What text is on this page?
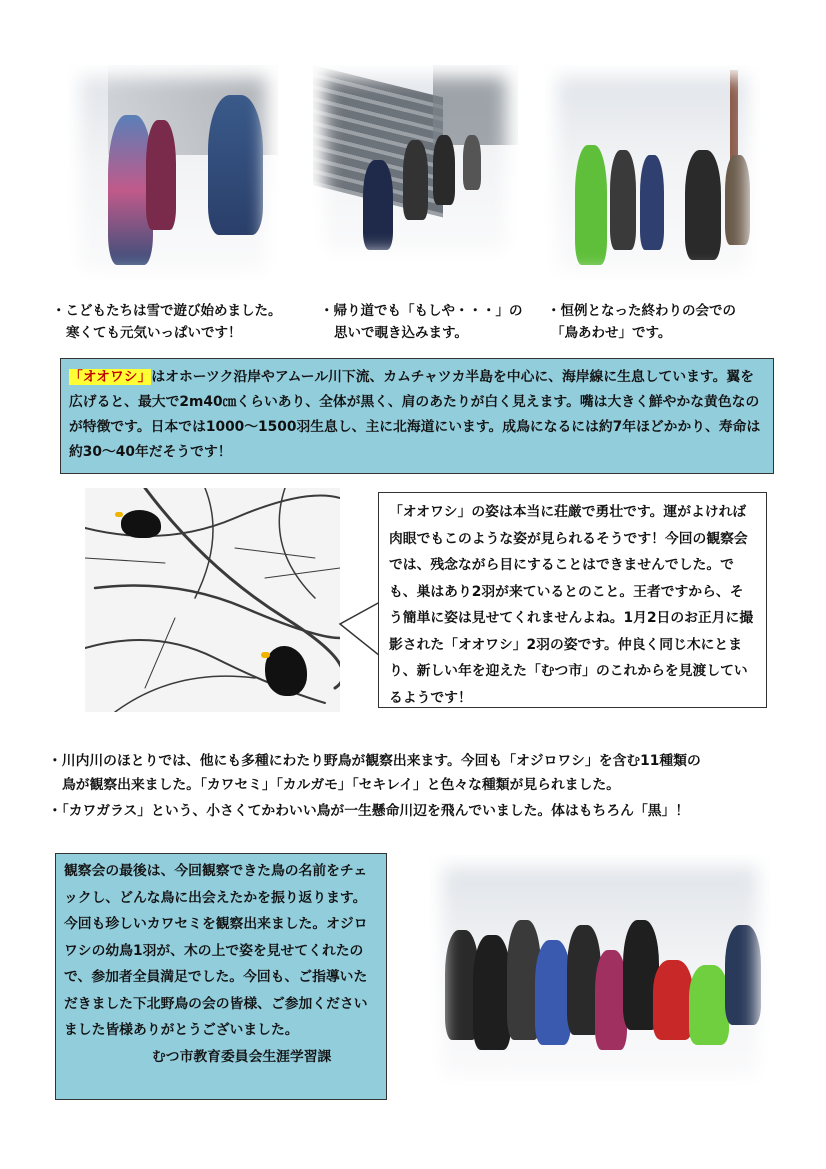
・こどもたちは雪で遊び始めました。
寒くても元気いっぱいです！
・帰り道でも「もしや・・・」の
思いで覗き込みます。
・恒例となった終わりの会での
「鳥あわせ」です。
「オオワシ」はオホーツク沿岸やアムール川下流、カムチャツカ半島を中心に、海岸線に生息しています。翼を広げると、最大で2m40㎝くらいあり、全体が黒く、肩のあたりが白く見えます。嘴は大きく鮮やかな黄色なのが特徴です。日本では1000～1500羽生息し、主に北海道にいます。成鳥になるには約7年ほどかかり、寿命は約30～40年だそうです！
「オオワシ」の姿は本当に荘厳で勇壮です。運がよければ肉眼でもこのような姿が見られるそうです！今回の観察会では、残念ながら目にすることはできませんでした。でも、巣はあり2羽が来ているとのこと。王者ですから、そう簡単に姿は見せてくれませんよね。1月2日のお正月に撮影された「オオワシ」2羽の姿です。仲良く同じ木にとまり、新しい年を迎えた「むつ市」のこれからを見渡しているようです！
・川内川のほとりでは、他にも多種にわたり野鳥が観察出来ます。今回も「オジロワシ」を含む11種類の
鳥が観察出来ました。「カワセミ」「カルガモ」「セキレイ」と色々な種類が見られました。
・「カワガラス」という、小さくてかわいい鳥が一生懸命川辺を飛んでいました。体はもちろん「黒」！
観察会の最後は、今回観察できた鳥の名前をチェックし、どんな鳥に出会えたかを振り返ります。今回も珍しいカワセミを観察出来ました。オジロワシの幼鳥1羽が、木の上で姿を見せてくれたので、参加者全員満足でした。今回も、ご指導いただきました下北野鳥の会の皆様、ご参加くださいました皆様ありがとうございました。
むつ市教育委員会生涯学習課
